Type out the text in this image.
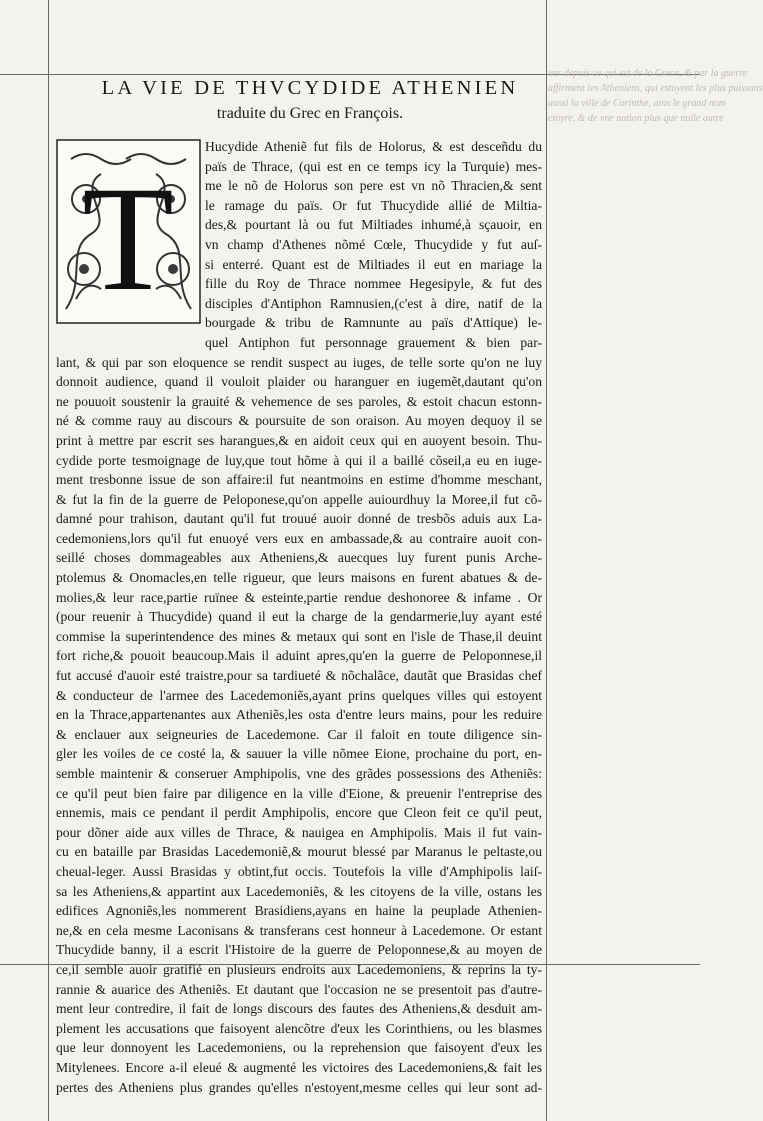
uer depuis ce qui est de la Grece, & par la guerre
affirment les Atheniens, qui estoyent les plus puissans
aussi la ville de Corinthe, ains le grand nom
ctoyre, & de vne nation plus que nulle autre
LA VIE DE THVCYDIDE ATHENIEN
traduite du Grec en François.
T
Hucydide Atheniẽ fut fils de Holorus, & est desceñdu du
païs de Thrace, (qui est en ce temps icy la Turquie) mes-
me le nõ de Holorus son pere est vn nõ Thracien,& sent
le ramage du païs. Or fut Thucydide allié de Miltia-
des,& pourtant là ou fut Miltiades inhumé,à sçauoir, en
vn champ d'Athenes nõmé Cœle, Thucydide y fut auſ-
si enterré. Quant est de Miltiades il eut en mariage la
fille du Roy de Thrace nommee Hegesipyle, & fut des
disciples d'Antiphon Ramnusien,(c'est à dire, natif de la
bourgade & tribu de Ramnunte au païs d'Attique) le-
quel Antiphon fut personnage grauement & bien par-
lant, & qui par son eloquence se rendit suspect au iuges, de telle sorte qu'on ne luy
donnoit audience, quand il vouloit plaider ou haranguer en iugemẽt,dautant qu'on
ne pouuoit soustenir la grauité & vehemence de ses paroles, & estoit chacun estonn-
né & comme rauy au discours & poursuite de son oraison. Au moyen dequoy il se
print à mettre par escrit ses harangues,& en aidoit ceux qui en auoyent besoin. Thu-
cydide porte tesmoignage de luy,que tout hõme à qui il a baillé cõseil,a eu en iuge-
ment tresbonne issue de son affaire:il fut neantmoins en estime d'homme meschant,
& fut la fin de la guerre de Peloponese,qu'on appelle auiourdhuy la Moree,il fut cõ-
damné pour trahison, dautant qu'il fut trouué auoir donné de tresbõs aduis aux La-
cedemoniens,lors qu'il fut enuoyé vers eux en ambassade,& au contraire auoit con-
seillé choses dommageables aux Atheniens,& auecques luy furent punis Arche-
ptolemus & Onomacles,en telle rigueur, que leurs maisons en furent abatues & de-
molies,& leur race,partie ruïnee & esteinte,partie rendue deshonoree & infame . Or
(pour reuenir à Thucydide) quand il eut la charge de la gendarmerie,luy ayant esté
commise la superintendence des mines & metaux qui sont en l'isle de Thase,il deuint
fort riche,& pouoit beaucoup.Mais il aduint apres,qu'en la guerre de Peloponnese,il
fut accusé d'auoir esté traistre,pour sa tardiueté & nõchalãce, dautãt que Brasidas chef
& conducteur de l'armee des Lacedemoniẽs,ayant prins quelques villes qui estoyent
en la Thrace,appartenantes aux Atheniẽs,les osta d'entre leurs mains, pour les reduire
& enclauer aux seigneuries de Lacedemone. Car il faloit en toute diligence sin-
gler les voiles de ce costé la, & sauuer la ville nõmee Eione, prochaine du port, en-
semble maintenir & conseruer Amphipolis, vne des grãdes possessions des Atheniẽs:
ce qu'il peut bien faire par diligence en la ville d'Eione, & preuenir l'entreprise des
ennemis, mais ce pendant il perdit Amphipolis, encore que Cleon feit ce qu'il peut,
pour dõner aide aux villes de Thrace, & nauigea en Amphipolis. Mais il fut vain-
cu en bataille par Brasidas Lacedemoniẽ,& mourut blessé par Maranus le peltaste,ou
cheual-leger. Aussi Brasidas y obtint,fut occis. Toutefois la ville d'Amphipolis laiſ-
sa les Atheniens,& appartint aux Lacedemoniẽs, & les citoyens de la ville, ostans les
edifices Agnoniẽs,les nommerent Brasidiens,ayans en haine la peuplade Athenien-
ne,& en cela mesme Laconisans & transferans cest honneur à Lacedemone. Or estant
Thucydide banny, il a escrit l'Histoire de la guerre de Peloponnese,& au moyen de
ce,il semble auoir gratifié en plusieurs endroits aux Lacedemoniens, & reprins la ty-
rannie & auarice des Atheniẽs. Et dautant que l'occasion ne se presentoit pas d'autre-
ment leur contredire, il fait de longs discours des fautes des Atheniens,& desduit am-
plement les accusations que faisoyent alencõtre d'eux les Corinthiens, ou les blasmes
que leur donnoyent les Lacedemoniens, ou la reprehension que faisoyent d'eux les
Mitylenees. Encore a-il eleué & augmenté les victoires des Lacedemoniens,& fait les
pertes des Atheniens plus grandes qu'elles n'estoyent,mesme celles qui leur sont ad-
